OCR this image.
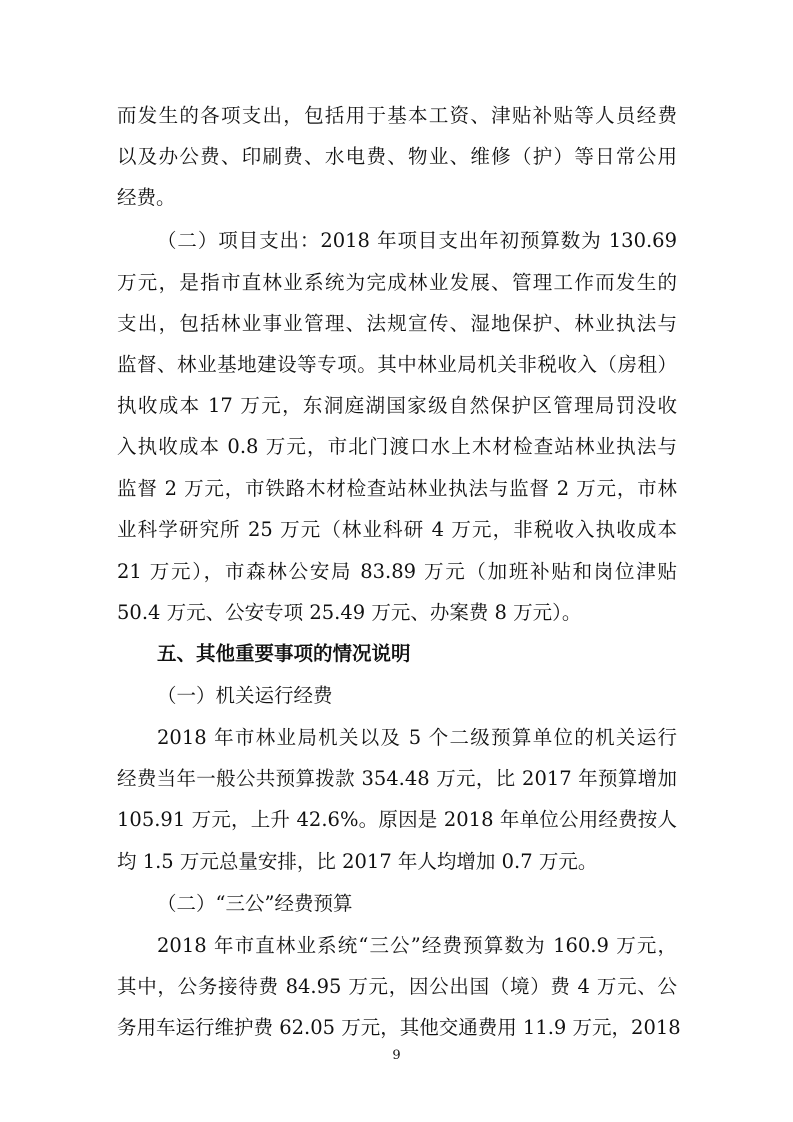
而发生的各项支出，包括用于基本工资、津贴补贴等人员经费
以及办公费、印刷费、水电费、物业、维修（护）等日常公用
经费。
（二）项目支出：2018 年项目支出年初预算数为 130.69
万元，是指市直林业系统为完成林业发展、管理工作而发生的
支出，包括林业事业管理、法规宣传、湿地保护、林业执法与
监督、林业基地建设等专项。其中林业局机关非税收入（房租）
执收成本 17 万元，东洞庭湖国家级自然保护区管理局罚没收
入执收成本 0.8 万元，市北门渡口水上木材检查站林业执法与
监督 2 万元，市铁路木材检查站林业执法与监督 2 万元，市林
业科学研究所 25 万元（林业科研 4 万元，非税收入执收成本
21 万元），市森林公安局 83.89 万元（加班补贴和岗位津贴
50.4 万元、公安专项 25.49 万元、办案费 8 万元）。
五、其他重要事项的情况说明
（一）机关运行经费
2018 年市林业局机关以及 5 个二级预算单位的机关运行
经费当年一般公共预算拨款 354.48 万元，比 2017 年预算增加
105.91 万元，上升 42.6%。原因是 2018 年单位公用经费按人
均 1.5 万元总量安排，比 2017 年人均增加 0.7 万元。
（二）“三公”经费预算
2018 年市直林业系统“三公”经费预算数为 160.9 万元，
其中，公务接待费 84.95 万元，因公出国（境）费 4 万元、公
务用车运行维护费 62.05 万元，其他交通费用 11.9 万元，2018
9
